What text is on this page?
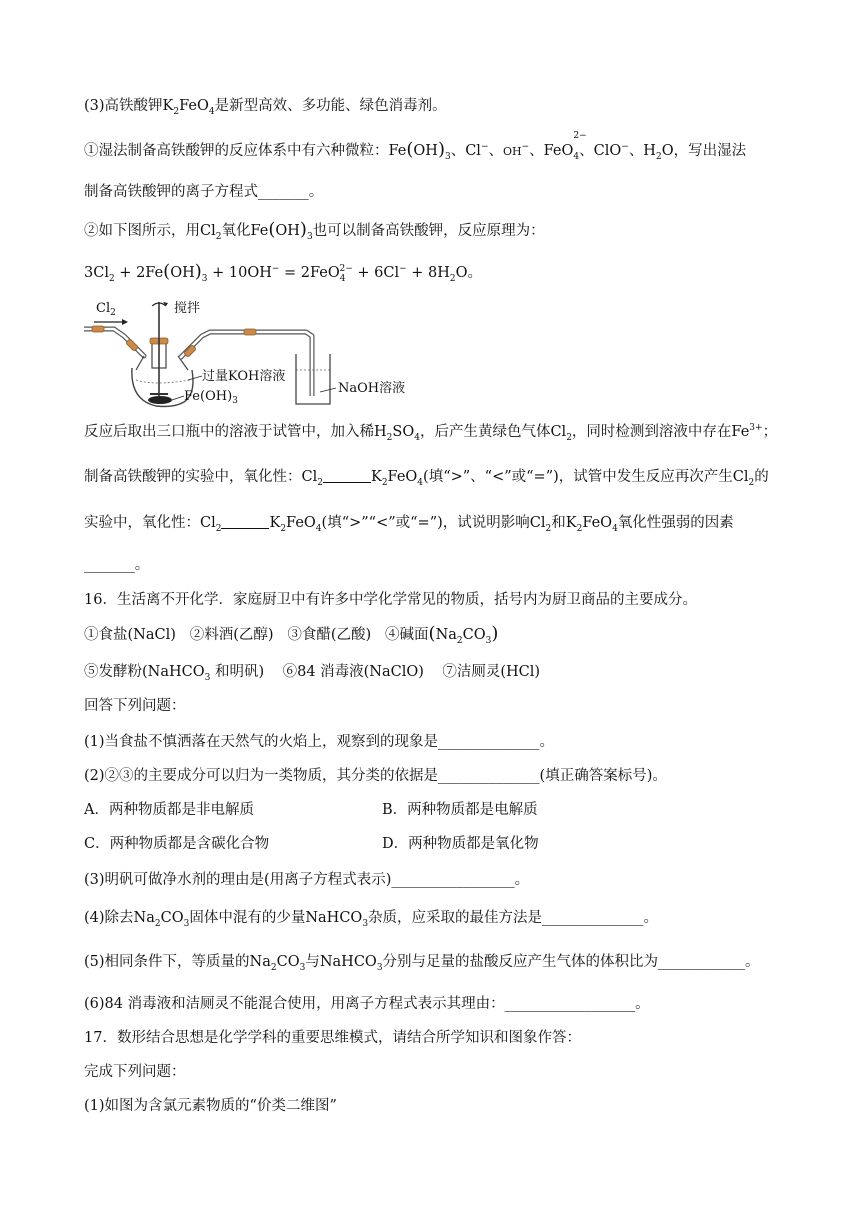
(3)高铁酸钾$K_2FeO_4$是新型高效、多功能、绿色消毒剂。
①湿法制备高铁酸钾的反应体系中有六种微粒：$Fe(OH)_3$、Cl−、OH−、FeO
$_{2- 4}$、ClO−、$H_2O$，写出湿法
制备高铁酸钾的离子方程式_______。
②如下图所示，用$Cl_2$氧化$Fe(OH)_3$也可以制备高铁酸钾，反应原理为：
$3Cl_2 + 2Fe(OH)_3 + 10OH^- = 2FeO_4^{2-} + 6Cl^- + 8H_2O$。
$Cl_2$	搅拌
过量KOH溶液
$Fe(OH)_3$
NaOH溶液
反应后取出三口瓶中的溶液于试管中，加入稀$H_2SO_4$，后产生黄绿色气体$Cl_2$，同时检测到溶液中存在$Fe^{3+}$；
制备高铁酸钾的实验中，氧化性：$Cl_2$	$K_2FeO_4$(填“>”、“<”或“=”)，试管中发生反应再次产生$Cl_2$的
实验中，氧化性：$Cl_2$	$K_2FeO_4$(填“>”“<”或“=”)，试说明影响$Cl_2$和$K_2FeO_4$氧化性强弱的因素
_______。
16．生活离不开化学．家庭厨卫中有许多中学化学常见的物质，括号内为厨卫商品的主要成分。
①食盐(NaCl) ②料酒(乙醇) ③食醋(乙酸) ④碱面$(Na_2CO_3)$
⑤发酵粉(NaHCO$_3$ 和明矾) ⑥84 消毒液(NaClO) ⑦洁厕灵(HCl)
回答下列问题：
(1)当食盐不慎洒落在天然气的火焰上，观察到的现象是______________。
(2)②③的主要成分可以归为一类物质，其分类的依据是______________(填正确答案标号)。
A．两种物质都是非电解质	B．两种物质都是电解质
C．两种物质都是含碳化合物	D．两种物质都是氧化物
(3)明矾可做净水剂的理由是(用离子方程式表示)_________________。
(4)除去$Na_2CO_3$固体中混有的少量NaHCO$_3$杂质，应采取的最佳方法是______________。
(5)相同条件下，等质量的$Na_2CO_3$与NaHCO$_3$分别与足量的盐酸反应产生气体的体积比为____________。
(6)84 消毒液和洁厕灵不能混合使用，用离子方程式表示其理由：__________________。
17．数形结合思想是化学学科的重要思维模式，请结合所学知识和图象作答：
完成下列问题：
(1)如图为含氯元素物质的“价类二维图”
